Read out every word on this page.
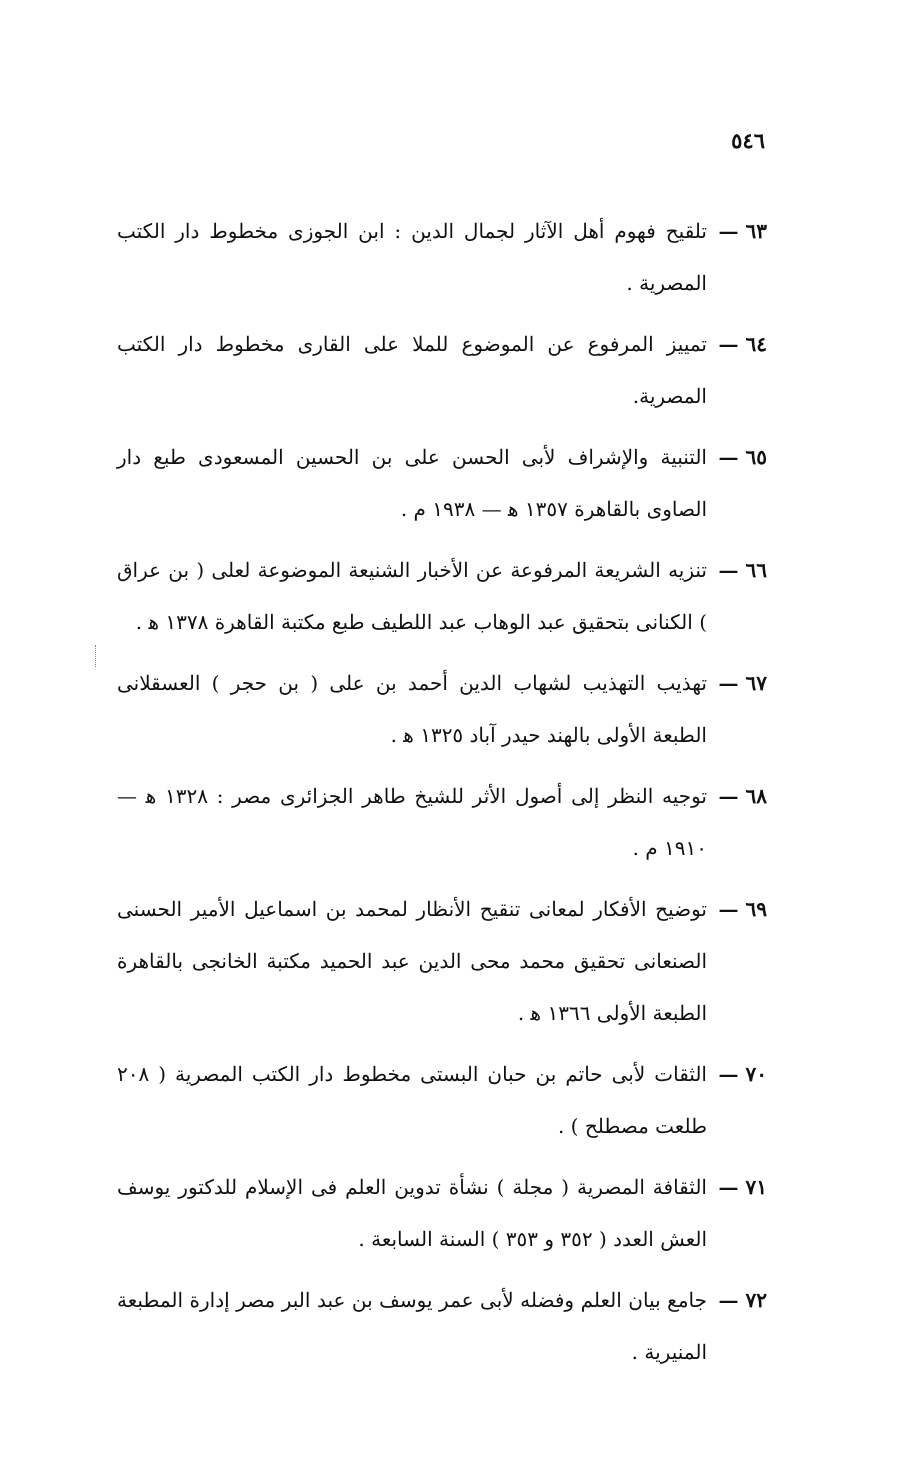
٥٤٦
٦٣ —
تلقيح فهوم أهل الآثار لجمال الدين : ابن الجوزى مخطوط دار الكتب المصرية .
٦٤ —
تمييز المرفوع عن الموضوع للملا على القارى مخطوط دار الكتب المصرية.
٦٥ —
التنبية والإشراف لأبى الحسن على بن الحسين المسعودى طبع دار الصاوى بالقاهرة ١٣٥٧ ﻫ — ١٩٣٨ م .
٦٦ —
تنزيه الشريعة المرفوعة عن الأخبار الشنيعة الموضوعة لعلى ( بن عراق ) الكنانى بتحقيق عبد الوهاب عبد اللطيف طبع مكتبة القاهرة ١٣٧٨ ﻫ .
٦٧ —
تهذيب التهذيب لشهاب الدين أحمد بن على ( بن حجر ) العسقلانى الطبعة الأولى بالهند حيدر آباد ١٣٢٥ ﻫ .
٦٨ —
توجيه النظر إلى أصول الأثر للشيخ طاهر الجزائرى مصر : ١٣٢٨ ﻫ — ١٩١٠ م .
٦٩ —
توضيح الأفكار لمعانى تنقيح الأنظار لمحمد بن اسماعيل الأمير الحسنى الصنعانى تحقيق محمد محى الدين عبد الحميد مكتبة الخانجى بالقاهرة الطبعة الأولى ١٣٦٦ ﻫ .
٧٠ —
الثقات لأبى حاتم بن حبان البستى مخطوط دار الكتب المصرية ( ٢٠٨ طلعت مصطلح ) .
٧١ —
الثقافة المصرية ( مجلة ) نشأة تدوين العلم فى الإسلام للدكتور يوسف العش العدد ( ٣٥٢ و ٣٥٣ ) السنة السابعة .
٧٢ —
جامع بيان العلم وفضله لأبى عمر يوسف بن عبد البر مصر إدارة المطبعة المنيرية .
